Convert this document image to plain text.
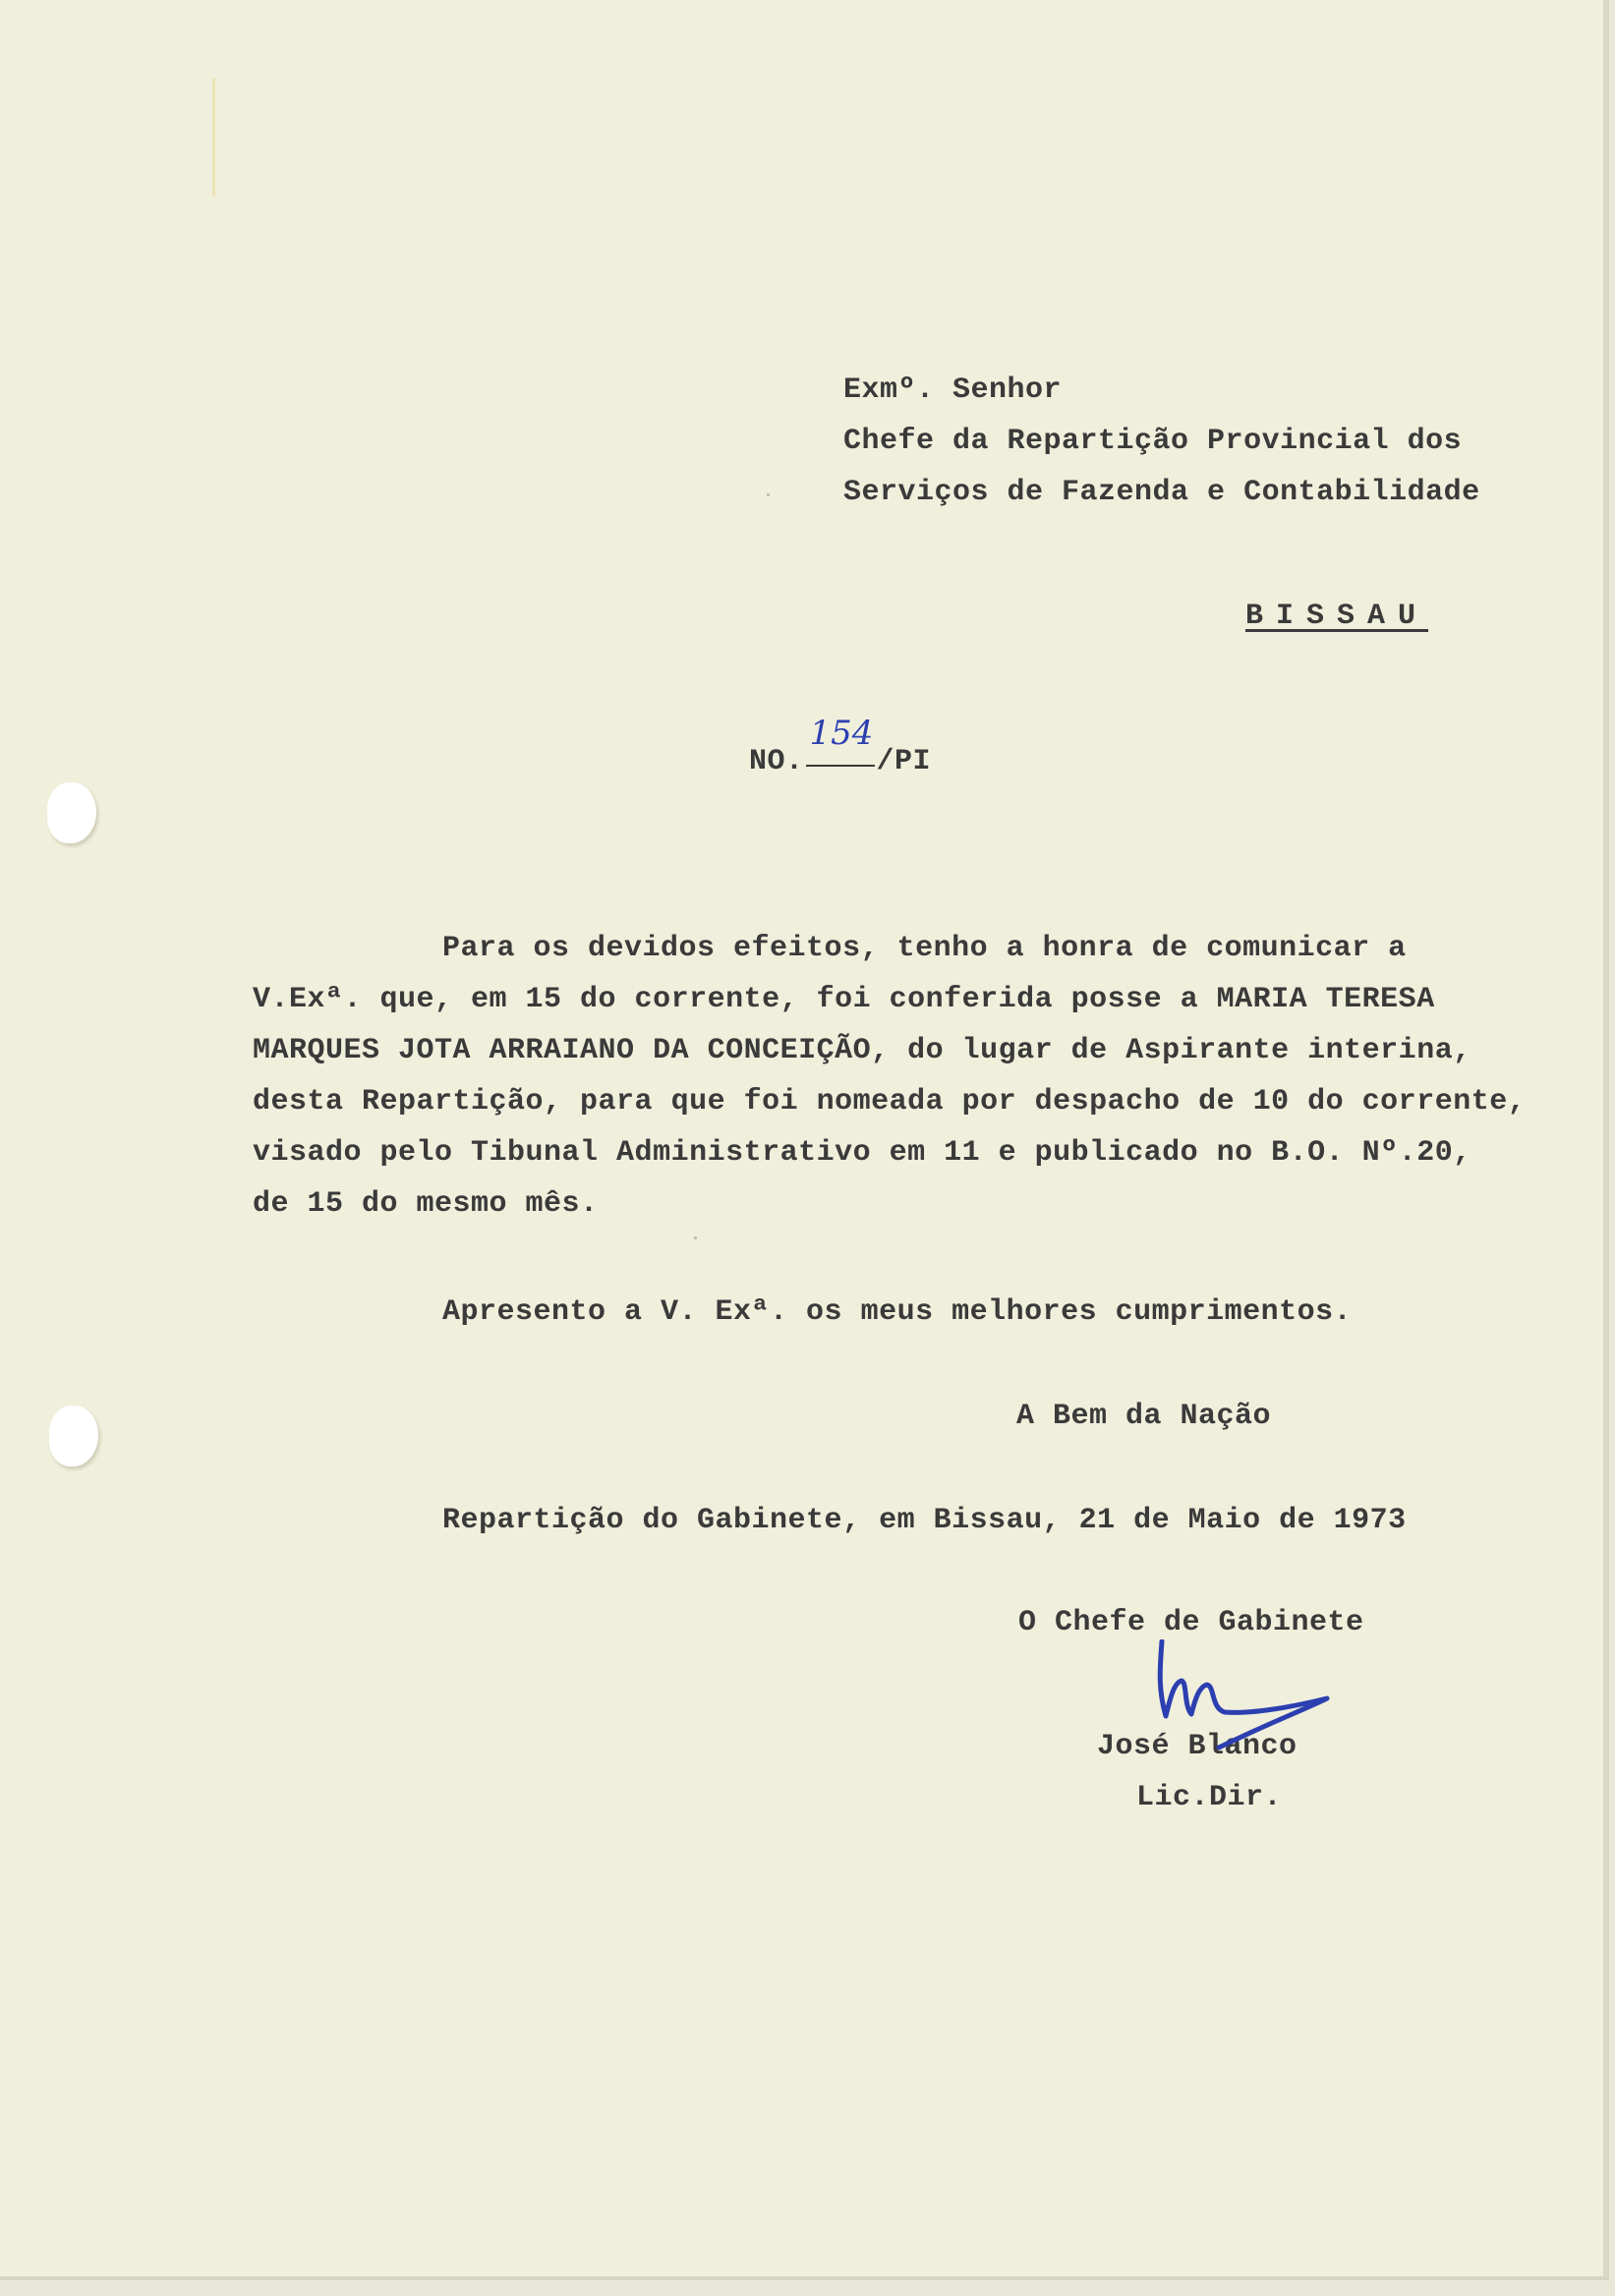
Exmº. Senhor
Chefe da Repartição Provincial dos
Serviços de Fazenda e Contabilidade
BISSAU
NO.
154
/PI
Para os devidos efeitos, tenho a honra de comunicar a
V.Exª. que, em 15 do corrente, foi conferida posse a MARIA TERESA
MARQUES JOTA ARRAIANO DA CONCEIÇÃO, do lugar de Aspirante interina,
desta Repartição, para que foi nomeada por despacho de 10 do corrente,
visado pelo Tibunal Administrativo em 11 e publicado no B.O. Nº.20,
de 15 do mesmo mês.
Apresento a V. Exª. os meus melhores cumprimentos.
A Bem da Nação
Repartição do Gabinete, em Bissau, 21 de Maio de 1973
O Chefe de Gabinete
José Blanco
Lic.Dir.
